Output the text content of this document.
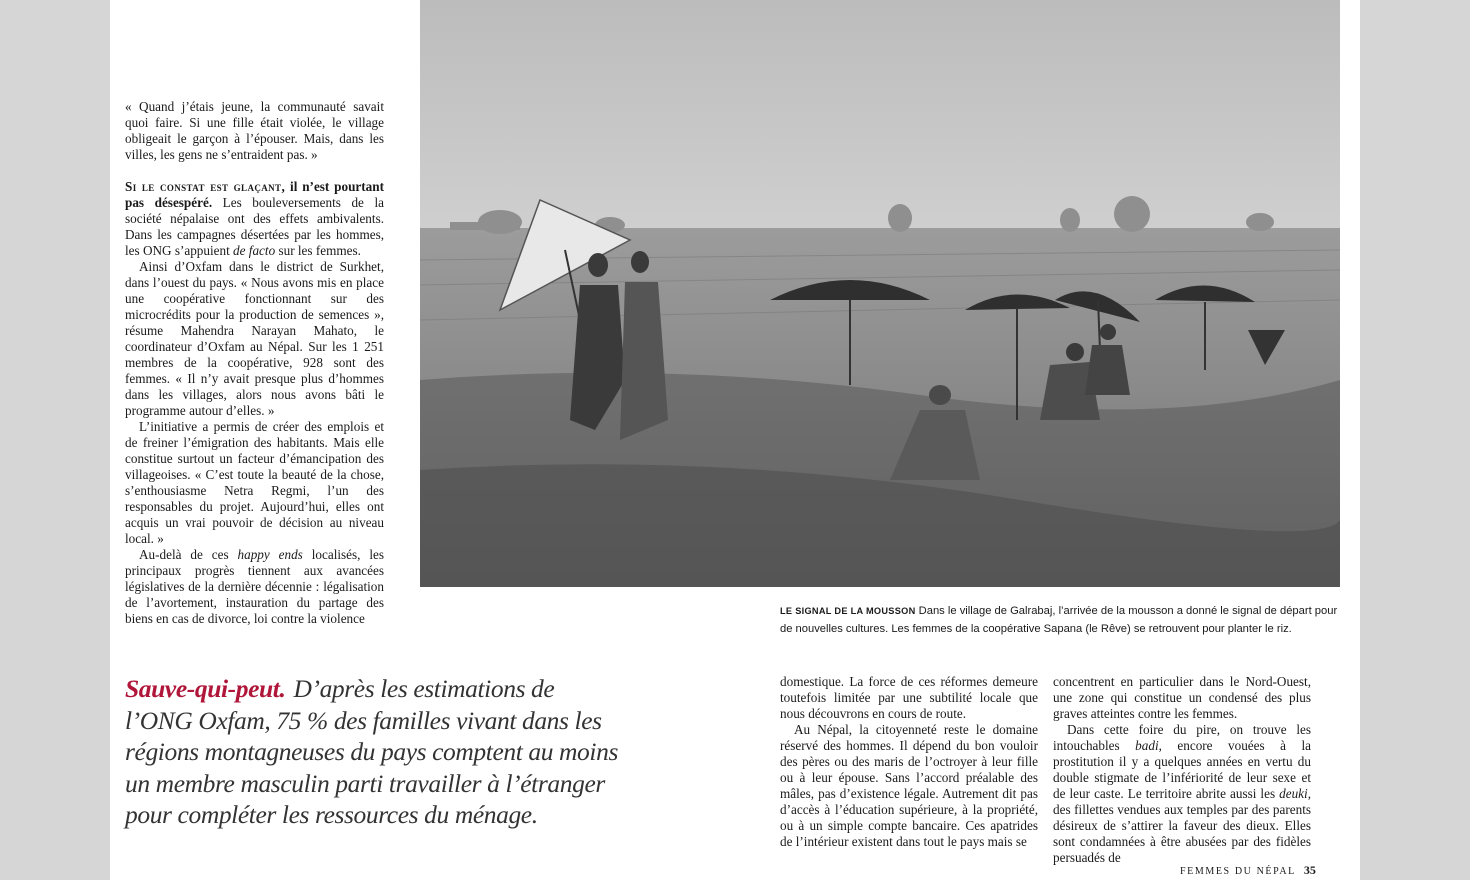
« Quand j’étais jeune, la communauté savait quoi faire. Si une fille était violée, le village obligeait le garçon à l’épouser. Mais, dans les villes, les gens ne s’entraident pas. »

Si le constat est glaçant, il n’est pourtant pas désespéré. Les bouleversements de la société népalaise ont des effets ambivalents. Dans les campagnes désertées par les hommes, les ONG s’appuient de facto sur les femmes.

Ainsi d’Oxfam dans le district de Surkhet, dans l’ouest du pays. « Nous avons mis en place une coopérative fonctionnant sur des microcrédits pour la production de semences », résume Mahendra Narayan Mahato, le coordinateur d’Oxfam au Népal. Sur les 1 251 membres de la coopérative, 928 sont des femmes. « Il n’y avait presque plus d’hommes dans les villages, alors nous avons bâti le programme autour d’elles. »

L’initiative a permis de créer des emplois et de freiner l’émigration des habitants. Mais elle constitue surtout un facteur d’émancipation des villageoises. « C’est toute la beauté de la chose, s’enthousiasme Netra Regmi, l’un des responsables du projet. Aujourd’hui, elles ont acquis un vrai pouvoir de décision au niveau local. »

Au-delà de ces happy ends localisés, les principaux progrès tiennent aux avancées législatives de la dernière décennie : légalisation de l’avortement, instauration du partage des biens en cas de divorce, loi contre la violence	LE SIGNAL DE LA MOUSSON Dans le village de Galrabaj, l’arrivée de la mousson a donné le signal de départ pour de nouvelles cultures. Les femmes de la coopérative Sapana (le Rêve) se retrouvent pour planter le riz.
Sauve-qui-peut. D’après les estimations de l’ONG Oxfam, 75 % des familles vivant dans les régions montagneuses du pays comptent au moins un membre masculin parti travailler à l’étranger pour compléter les ressources du ménage.

domestique. La force de ces réformes demeure toutefois limitée par une subtilité locale que nous découvrons en cours de route.

Au Népal, la citoyenneté reste le domaine réservé des hommes. Il dépend du bon vouloir des pères ou des maris de l’octroyer à leur fille ou à leur épouse. Sans l’accord préalable des mâles, pas d’existence légale. Autrement dit pas d’accès à l’éducation supérieure, à la propriété, ou à un simple compte bancaire. Ces apatrides de l’intérieur existent dans tout le pays mais se

concentrent en particulier dans le Nord-Ouest, une zone qui constitue un condensé des plus graves atteintes contre les femmes.

Dans cette foire du pire, on trouve les intouchables badi, encore vouées à la prostitution il y a quelques années en vertu du double stigmate de l’infériorité de leur sexe et de leur caste. Le territoire abrite aussi les deuki, des fillettes vendues aux temples par des parents désireux de s’attirer la faveur des dieux. Elles sont condamnées à être abusées par des fidèles persuadés de

FEMMES DU NÉPAL 35
